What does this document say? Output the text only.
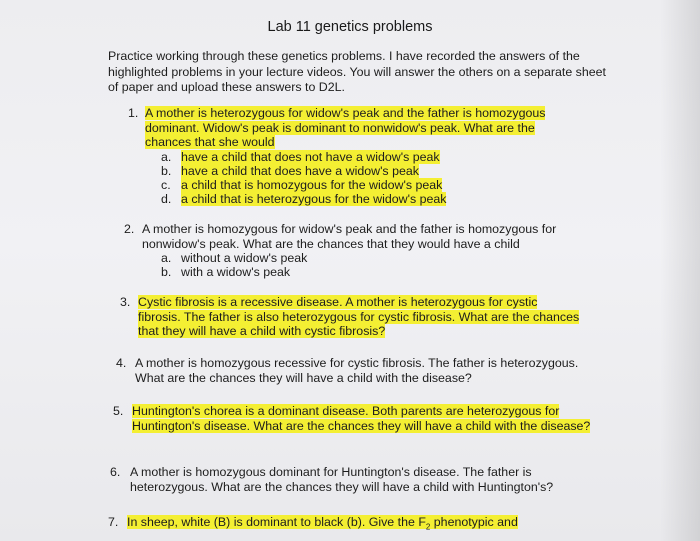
Lab 11 genetics problems

Practice working through these genetics problems. I have recorded the answers of the highlighted problems in your lecture videos. You will answer the others on a separate sheet of paper and upload these answers to D2L.

1. A mother is heterozygous for widow's peak and the father is homozygous dominant. Widow's peak is dominant to nonwidow's peak. What are the chances that she would
a. have a child that does not have a widow's peak
b. have a child that does have a widow's peak
c. a child that is homozygous for the widow's peak
d. a child that is heterozygous for the widow's peak
2. A mother is homozygous for widow's peak and the father is homozygous for nonwidow's peak. What are the chances that they would have a child
a. without a widow's peak
b. with a widow's peak
3. Cystic fibrosis is a recessive disease. A mother is heterozygous for cystic fibrosis. The father is also heterozygous for cystic fibrosis. What are the chances that they will have a child with cystic fibrosis?
4. A mother is homozygous recessive for cystic fibrosis. The father is heterozygous. What are the chances they will have a child with the disease?
5. Huntington's chorea is a dominant disease. Both parents are heterozygous for Huntington's disease. What are the chances they will have a child with the disease?
6. A mother is homozygous dominant for Huntington's disease. The father is heterozygous. What are the chances they will have a child with Huntington's?
7. In sheep, white (B) is dominant to black (b). Give the $F_2$ phenotypic and
